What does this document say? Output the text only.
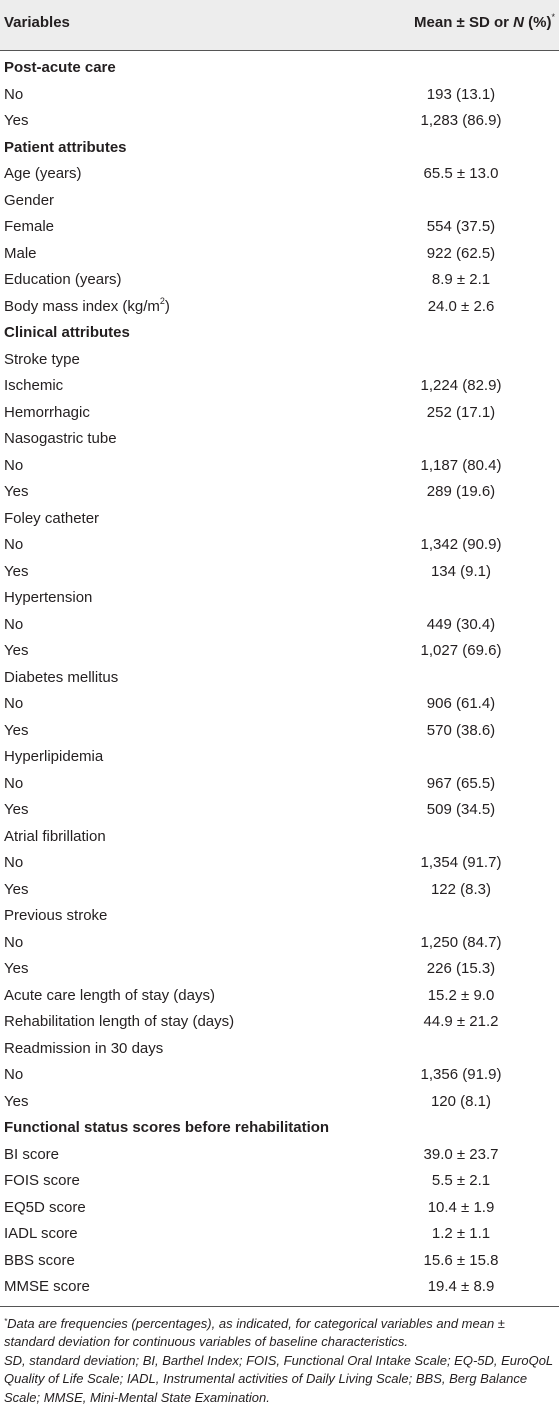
Variables	Mean ± SD or N (%)*
Post-acute care
No	193 (13.1)
Yes	1,283 (86.9)
Patient attributes
Age (years)	65.5 ± 13.0
Gender
Female	554 (37.5)
Male	922 (62.5)
Education (years)	8.9 ± 2.1
Body mass index $(kg/m^2)$	24.0 ± 2.6
Clinical attributes
Stroke type
Ischemic	1,224 (82.9)
Hemorrhagic	252 (17.1)
Nasogastric tube
No	1,187 (80.4)
Yes	289 (19.6)
Foley catheter
No	1,342 (90.9)
Yes	134 (9.1)
Hypertension
No	449 (30.4)
Yes	1,027 (69.6)
Diabetes mellitus
No	906 (61.4)
Yes	570 (38.6)
Hyperlipidemia
No	967 (65.5)
Yes	509 (34.5)
Atrial fibrillation
No	1,354 (91.7)
Yes	122 (8.3)
Previous stroke
No	1,250 (84.7)
Yes	226 (15.3)
Acute care length of stay (days)	15.2 ± 9.0
Rehabilitation length of stay (days)	44.9 ± 21.2
Readmission in 30 days
No	1,356 (91.9)
Yes	120 (8.1)
Functional status scores before rehabilitation
BI score	39.0 ± 23.7
FOIS score	5.5 ± 2.1
EQ5D score	10.4 ± 1.9
IADL score	1.2 ± 1.1
BBS score	15.6 ± 15.8
MMSE score	19.4 ± 8.9

*Data are frequencies (percentages), as indicated, for categorical variables and mean ± standard deviation for continuous variables of baseline characteristics.

SD, standard deviation; BI, Barthel Index; FOIS, Functional Oral Intake Scale; EQ-5D, EuroQoL Quality of Life Scale; IADL, Instrumental activities of Daily Living Scale; BBS, Berg Balance Scale; MMSE, Mini-Mental State Examination.
